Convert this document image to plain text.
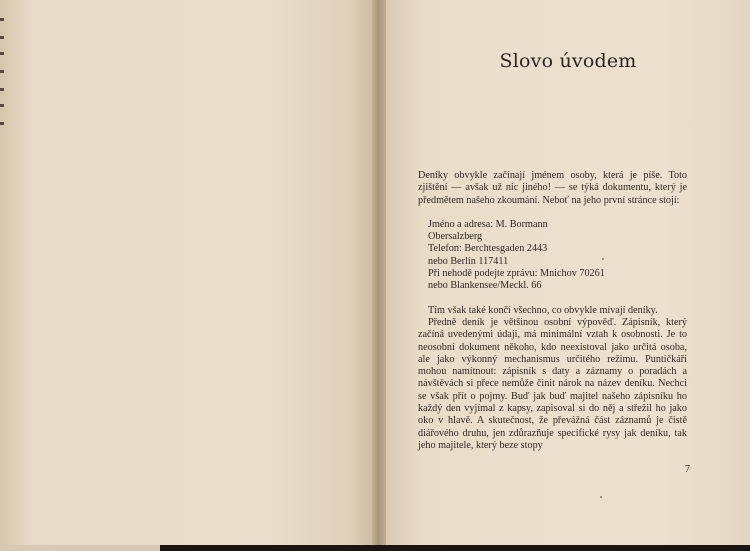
Slovo úvodem

Deníky obvykle začínají jménem osoby, která je píše. Toto zjištění — avšak už nic jiného! — se týká dokumentu, který je předmětem našeho zkoumání. Neboť na jeho první stránce stojí:

Jméno a adresa: M. Bormann
Obersalzberg
Telefon: Berchtesgaden 2443
nebo Berlín 117411
Při nehodě podejte zprávu: Mnichov 70261
nebo Blankensee/Meckl. 66

Tím však také končí všechno, co obvykle mívají deníky.

Předně deník je většinou osobní výpověď. Zápisník, který začíná uvedenými údaji, má minimální vztah k osobnosti. Je to neosobní dokument někoho, kdo neexistoval jako určitá osoba, ale jako výkonný mechanismus určitého režimu. Puntičkáři mohou namítnout: zápisník s daty a záznamy o poradách a návštěvách si přece nemůže činit nárok na název deníku. Nechci se však přít o pojmy. Buď jak buď majitel našeho zápisníku ho každý den vyjímal z kapsy, zapisoval si do něj a střežil ho jako oko v hlavě. A skutečnost, že převážná část záznamů je čistě diářového druhu, jen zdůrazňuje specifické rysy jak deníku, tak jeho majitele, který beze stopy

7
